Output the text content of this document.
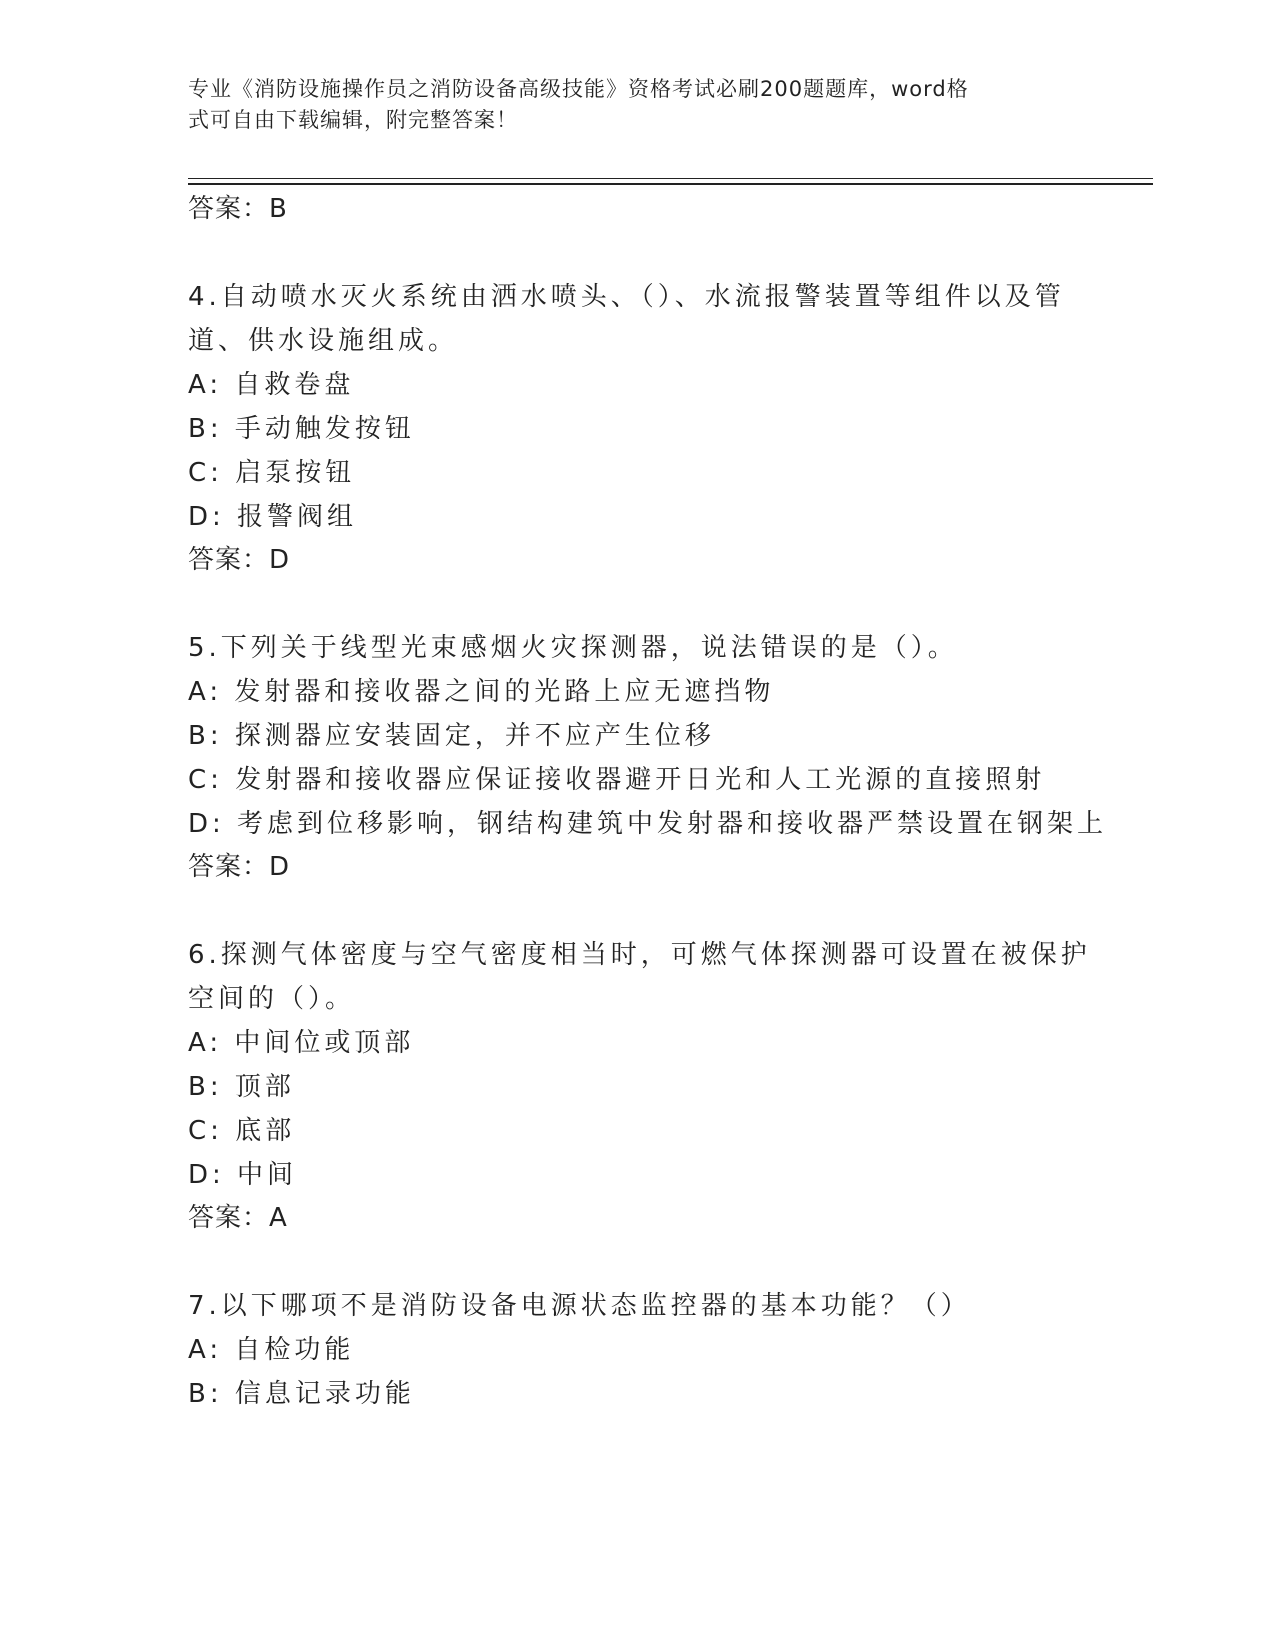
专业《消防设施操作员之消防设备高级技能》资格考试必刷200题题库，word格
式可自由下载编辑，附完整答案！
答案：B
4.自动喷水灭火系统由洒水喷头、（）、水流报警装置等组件以及管
道、供水设施组成。
A: 自救卷盘
B: 手动触发按钮
C: 启泵按钮
D: 报警阀组
答案：D
5.下列关于线型光束感烟火灾探测器，说法错误的是（）。
A: 发射器和接收器之间的光路上应无遮挡物
B: 探测器应安装固定，并不应产生位移
C: 发射器和接收器应保证接收器避开日光和人工光源的直接照射
D: 考虑到位移影响，钢结构建筑中发射器和接收器严禁设置在钢架上
答案：D
6.探测气体密度与空气密度相当时，可燃气体探测器可设置在被保护
空间的（）。
A: 中间位或顶部
B: 顶部
C: 底部
D: 中间
答案：A
7.以下哪项不是消防设备电源状态监控器的基本功能？（）
A: 自检功能
B: 信息记录功能
